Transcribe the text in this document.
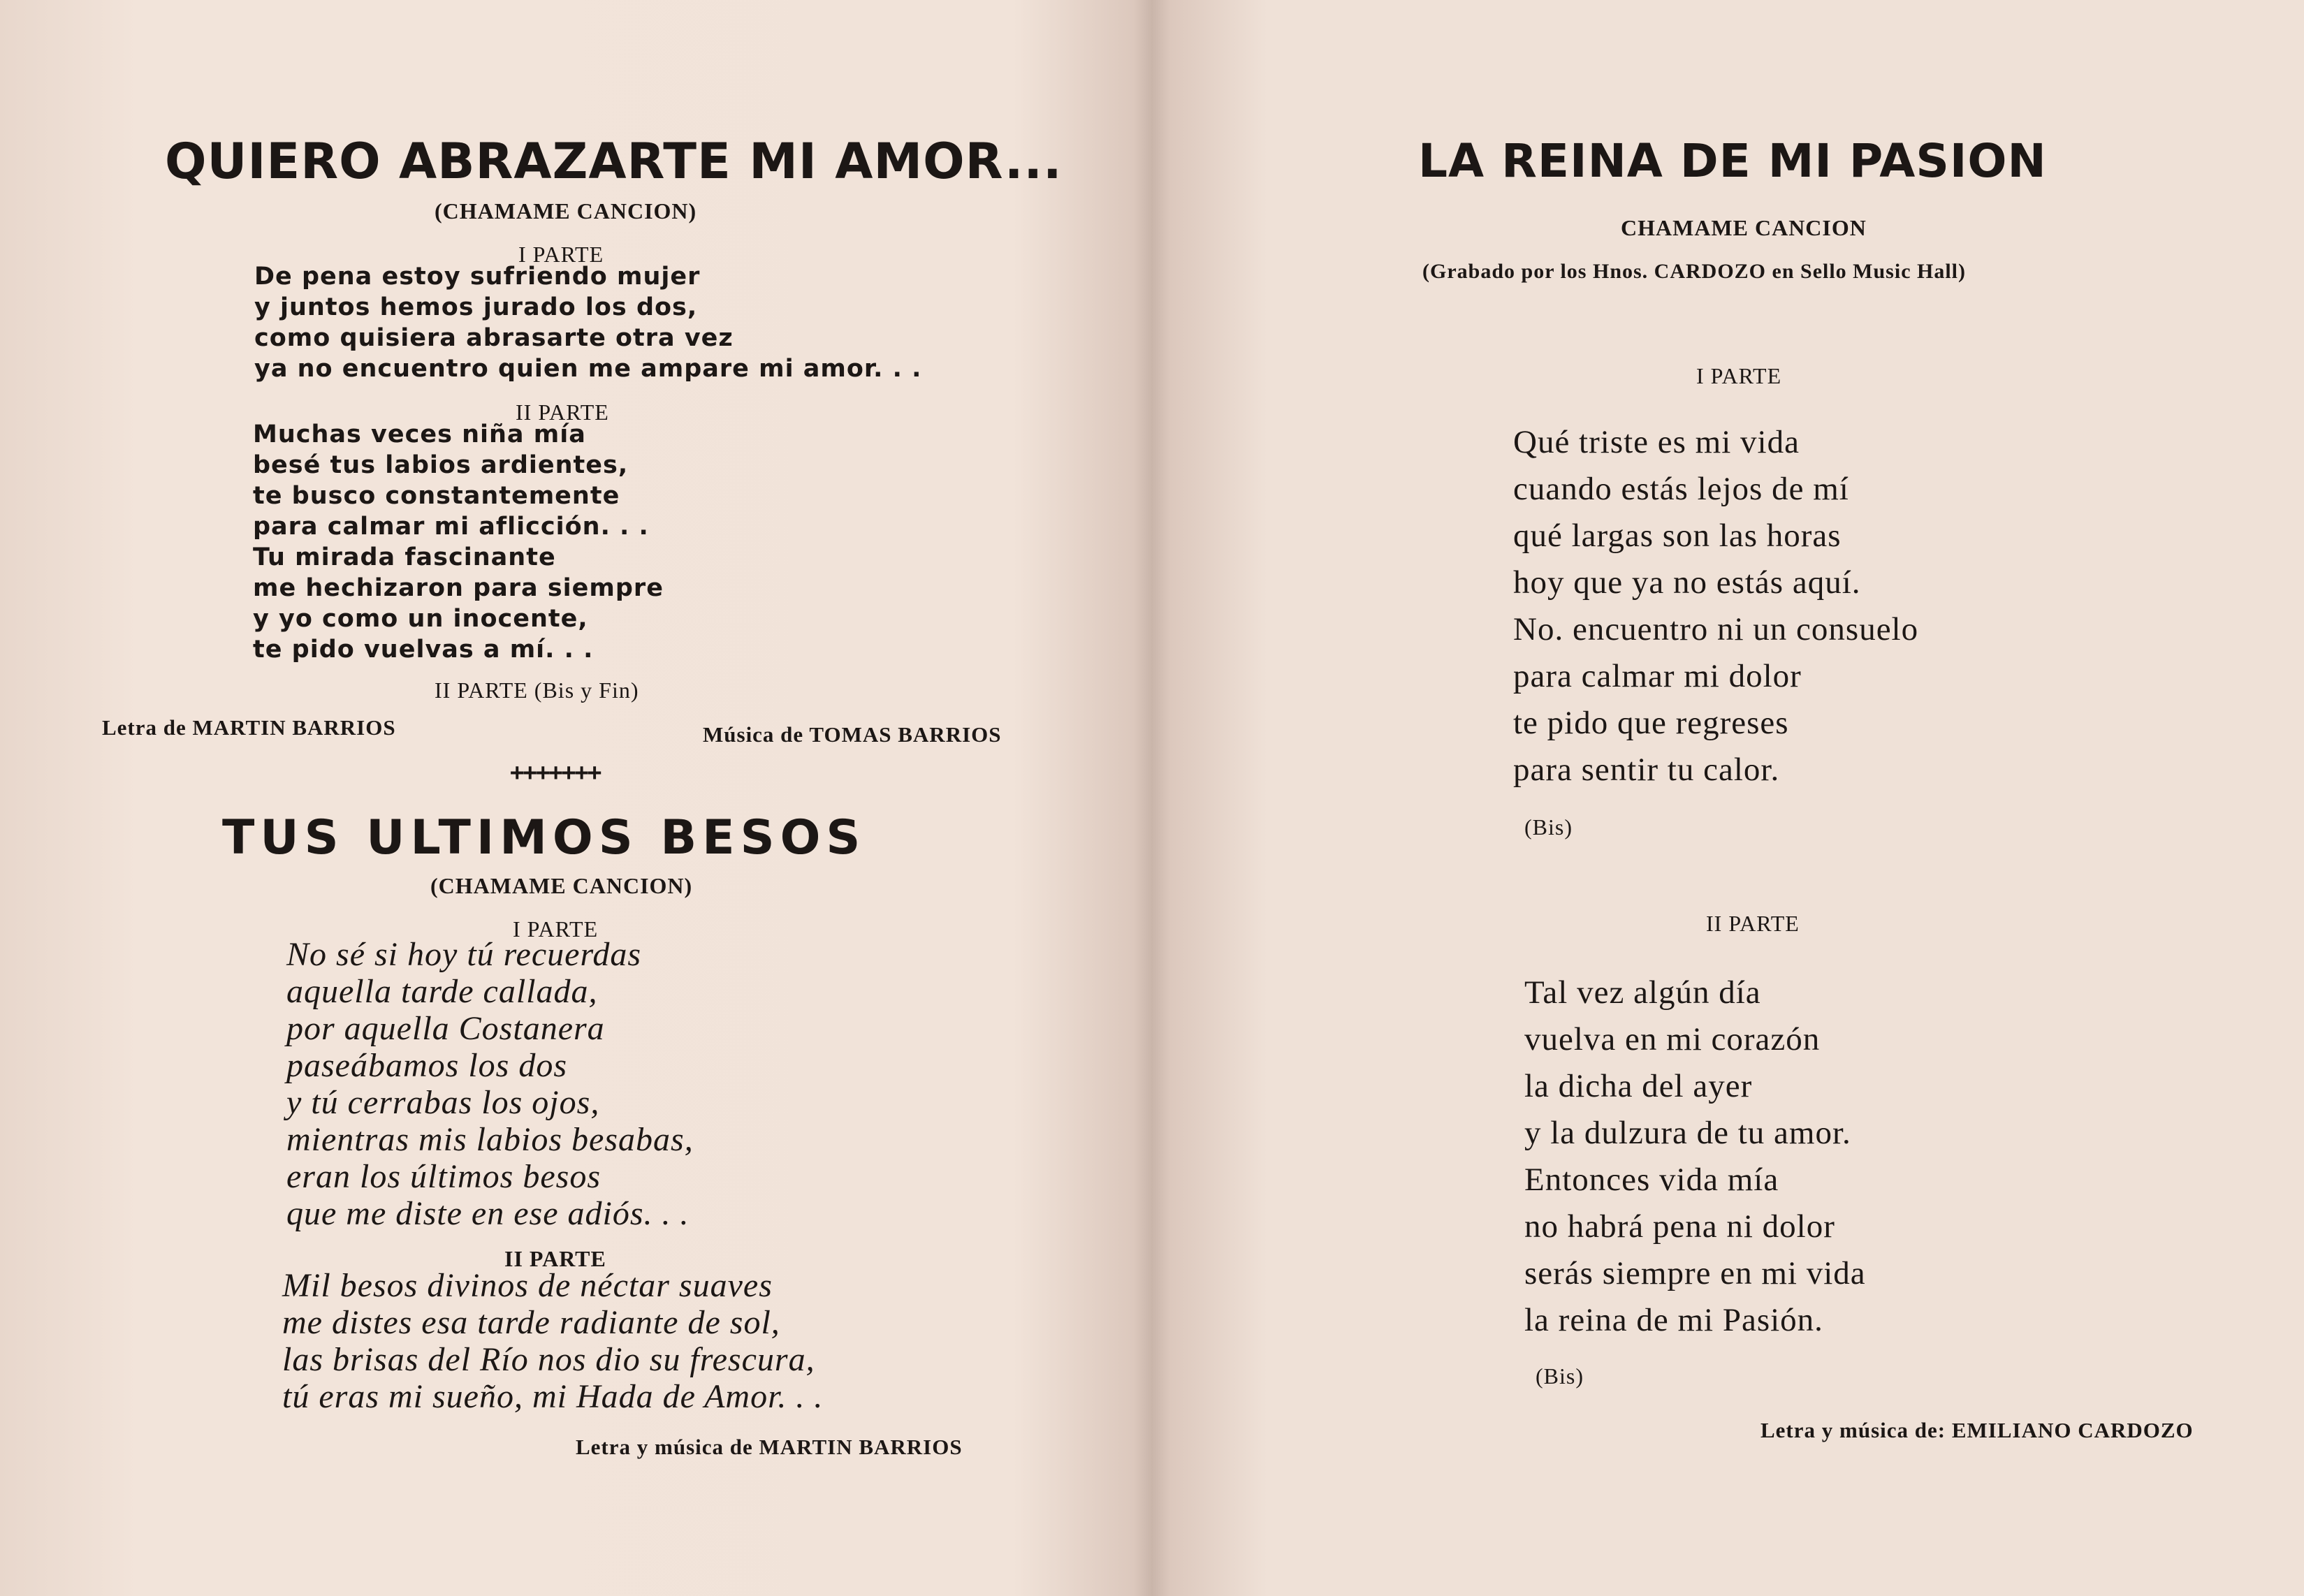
QUIERO ABRAZARTE MI AMOR...
(CHAMAME CANCION)
I PARTE
De pena estoy sufriendo mujer
y juntos hemos jurado los dos,
como quisiera abrasarte otra vez
ya no encuentro quien me ampare mi amor. . .
II PARTE
Muchas veces niña mía
besé tus labios ardientes,
te busco constantemente
para calmar mi aflicción. . .
Tu mirada fascinante
me hechizaron para siempre
y yo como un inocente,
te pido vuelvas a mí. . .
II PARTE (Bis y Fin)
Letra de MARTIN BARRIOS	Música de TOMAS BARRIOS
+++++++
TUS ULTIMOS BESOS
(CHAMAME CANCION)
I PARTE
No sé si hoy tú recuerdas
aquella tarde callada,
por aquella Costanera
paseábamos los dos
y tú cerrabas los ojos,
mientras mis labios besabas,
eran los últimos besos
que me diste en ese adiós. . .
II PARTE
Mil besos divinos de néctar suaves
me distes esa tarde radiante de sol,
las brisas del Río nos dio su frescura,
tú eras mi sueño, mi Hada de Amor. . .
Letra y música de MARTIN BARRIOS
LA REINA DE MI PASION
CHAMAME CANCION
(Grabado por los Hnos. CARDOZO en Sello Music Hall)
I PARTE
Qué triste es mi vida
cuando estás lejos de mí
qué largas son las horas
hoy que ya no estás aquí.
No. encuentro ni un consuelo
para calmar mi dolor
te pido que regreses
para sentir tu calor.
(Bis)
II PARTE
Tal vez algún día
vuelva en mi corazón
la dicha del ayer
y la dulzura de tu amor.
Entonces vida mía
no habrá pena ni dolor
serás siempre en mi vida
la reina de mi Pasión.
(Bis)
Letra y música de: EMILIANO CARDOZO
